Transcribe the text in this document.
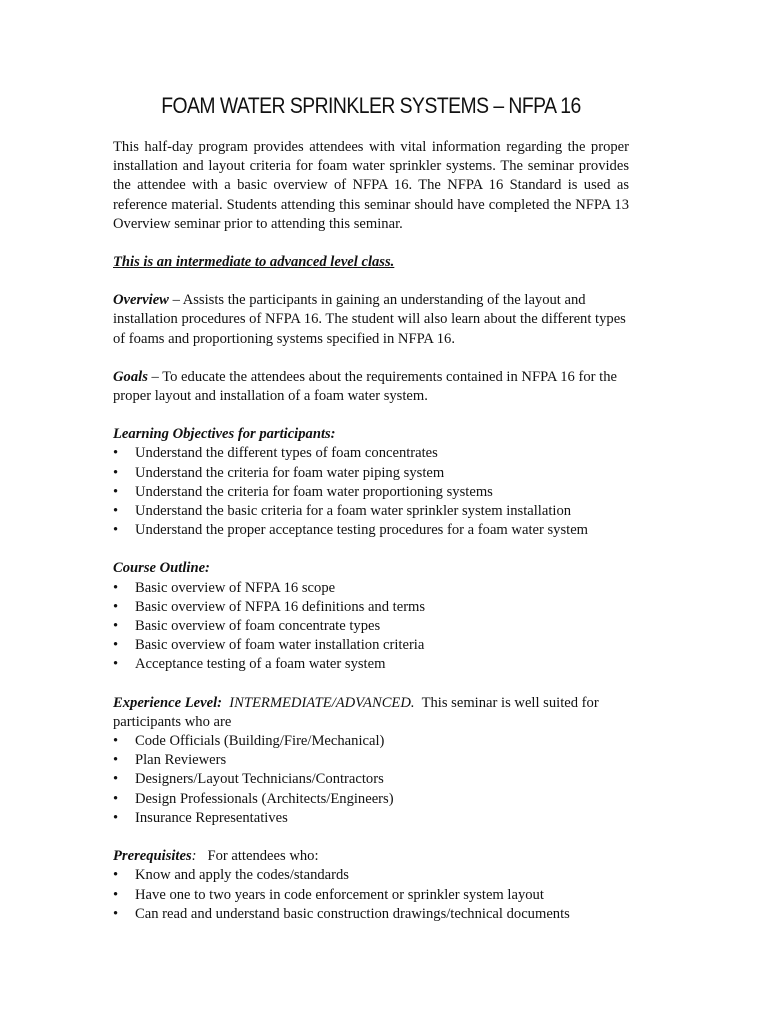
FOAM WATER SPRINKLER SYSTEMS – NFPA 16

This half-day program provides attendees with vital information regarding the proper installation and layout criteria for foam water sprinkler systems. The seminar provides the attendee with a basic overview of NFPA 16. The NFPA 16 Standard is used as reference material. Students attending this seminar should have completed the NFPA 13 Overview seminar prior to attending this seminar.

This is an intermediate to advanced level class.

Overview – Assists the participants in gaining an understanding of the layout and installation procedures of NFPA 16. The student will also learn about the different types of foams and proportioning systems specified in NFPA 16.

Goals – To educate the attendees about the requirements contained in NFPA 16 for the proper layout and installation of a foam water system.

Learning Objectives for participants:

• Understand the different types of foam concentrates
• Understand the criteria for foam water piping system
• Understand the criteria for foam water proportioning systems
• Understand the basic criteria for a foam water sprinkler system installation
• Understand the proper acceptance testing procedures for a foam water system

Course Outline:

• Basic overview of NFPA 16 scope
• Basic overview of NFPA 16 definitions and terms
• Basic overview of foam concentrate types
• Basic overview of foam water installation criteria
• Acceptance testing of a foam water system

Experience Level:  INTERMEDIATE/ADVANCED.  This seminar is well suited for participants who are

• Code Officials (Building/Fire/Mechanical)
• Plan Reviewers
• Designers/Layout Technicians/Contractors
• Design Professionals (Architects/Engineers)
• Insurance Representatives

Prerequisites:   For attendees who:

• Know and apply the codes/standards
• Have one to two years in code enforcement or sprinkler system layout
• Can read and understand basic construction drawings/technical documents
